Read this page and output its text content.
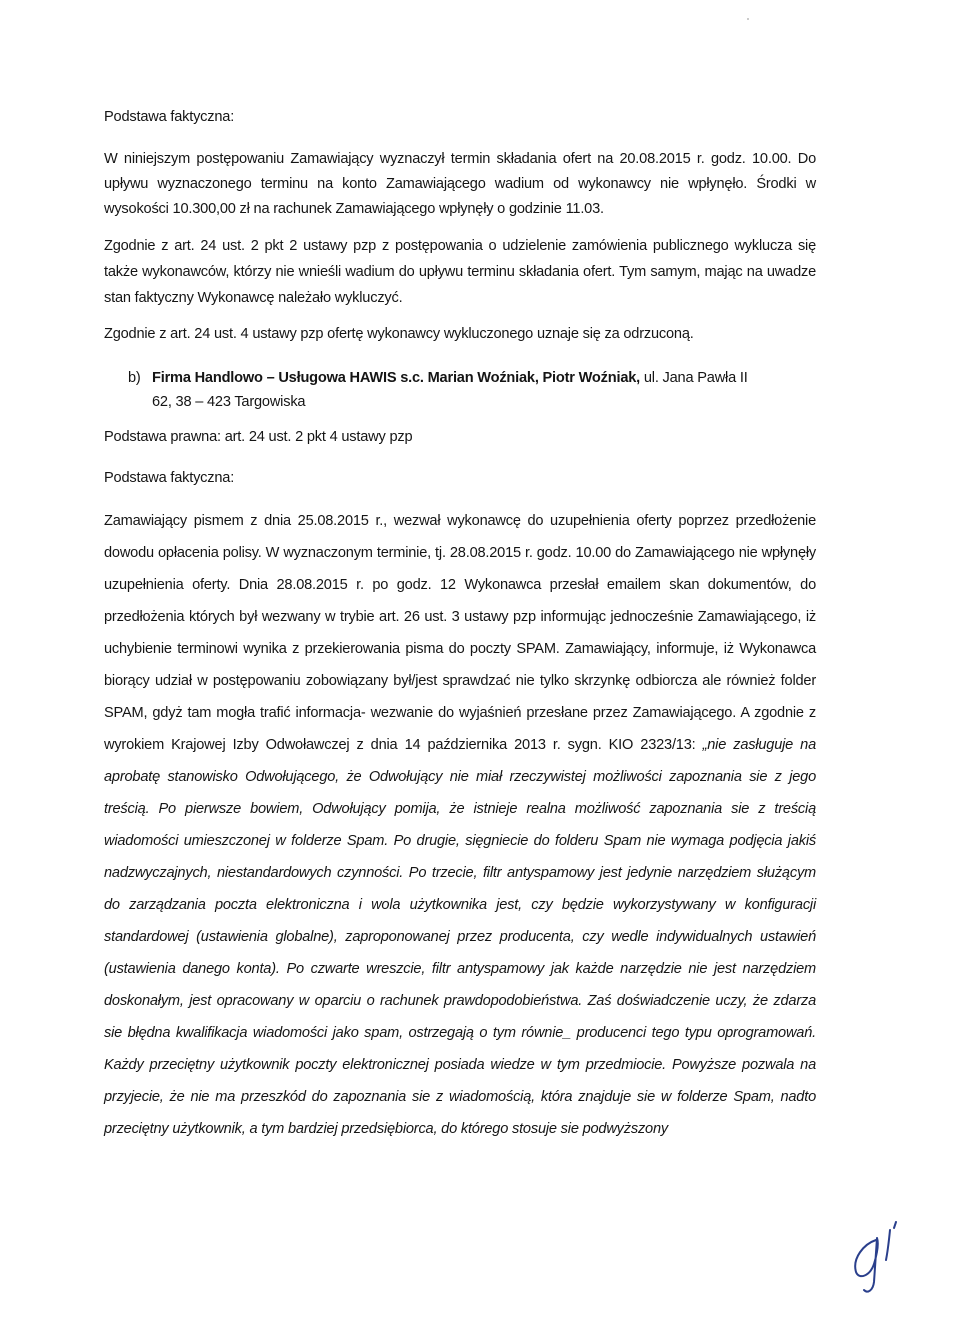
Podstawa faktyczna:

W niniejszym postępowaniu Zamawiający wyznaczył termin składania ofert na 20.08.2015 r. godz. 10.00. Do upływu wyznaczonego terminu na konto Zamawiającego wadium od wykonawcy nie wpłynęło. Środki w wysokości 10.300,00 zł na rachunek Zamawiającego wpłynęły o godzinie 11.03.

Zgodnie z art. 24 ust. 2 pkt 2 ustawy pzp z postępowania o udzielenie zamówienia publicznego wyklucza się także wykonawców, którzy nie wnieśli wadium do upływu terminu składania ofert. Tym samym, mając na uwadze stan faktyczny Wykonawcę należało wykluczyć.

Zgodnie z art. 24 ust. 4 ustawy pzp ofertę wykonawcy wykluczonego uznaje się za odrzuconą.

b) Firma Handlowo – Usługowa HAWIS s.c. Marian Woźniak, Piotr Woźniak, ul. Jana Pawła II
62, 38 – 423 Targowiska

Podstawa prawna: art. 24 ust. 2 pkt 4 ustawy pzp

Podstawa faktyczna:

Zamawiający pismem z dnia 25.08.2015 r., wezwał wykonawcę do uzupełnienia oferty poprzez przedłożenie dowodu opłacenia polisy. W wyznaczonym terminie, tj. 28.08.2015 r. godz. 10.00 do Zamawiającego nie wpłynęły uzupełnienia oferty. Dnia 28.08.2015 r. po godz. 12 Wykonawca przesłał emailem skan dokumentów, do przedłożenia których był wezwany w trybie art. 26 ust. 3 ustawy pzp informując jednocześnie Zamawiającego, iż uchybienie terminowi wynika z przekierowania pisma do poczty SPAM. Zamawiający, informuje, iż Wykonawca biorący udział w postępowaniu zobowiązany był/jest sprawdzać nie tylko skrzynkę odbiorcza ale również folder SPAM, gdyż tam mogła trafić informacja- wezwanie do wyjaśnień przesłane przez Zamawiającego. A zgodnie z wyrokiem Krajowej Izby Odwoławczej z dnia 14 października 2013 r. sygn. KIO 2323/13: „nie zasługuje na aprobatę stanowisko Odwołującego, że Odwołujący nie miał rzeczywistej możliwości zapoznania sie z jego treścią. Po pierwsze bowiem, Odwołujący pomija, że istnieje realna możliwość zapoznania sie z treścią wiadomości umieszczonej w folderze Spam. Po drugie, sięgniecie do folderu Spam nie wymaga podjęcia jakiś nadzwyczajnych, niestandardowych czynności. Po trzecie, filtr antyspamowy jest jedynie narzędziem służącym do zarządzania poczta elektroniczna i wola użytkownika jest, czy będzie wykorzystywany w konfiguracji standardowej (ustawienia globalne), zaproponowanej przez producenta, czy wedle indywidualnych ustawień (ustawienia danego konta). Po czwarte wreszcie, filtr antyspamowy jak każde narzędzie nie jest narzędziem doskonałym, jest opracowany w oparciu o rachunek prawdopodobieństwa. Zaś doświadczenie uczy, że zdarza sie błędna kwalifikacja wiadomości jako spam, ostrzegają o tym równie_ producenci tego typu oprogramowań. Każdy przeciętny użytkownik poczty elektronicznej posiada wiedze w tym przedmiocie. Powyższe pozwala na przyjecie, że nie ma przeszkód do zapoznania sie z wiadomością, która znajduje sie w folderze Spam, nadto przeciętny użytkownik, a tym bardziej przedsiębiorca, do którego stosuje sie podwyższony
